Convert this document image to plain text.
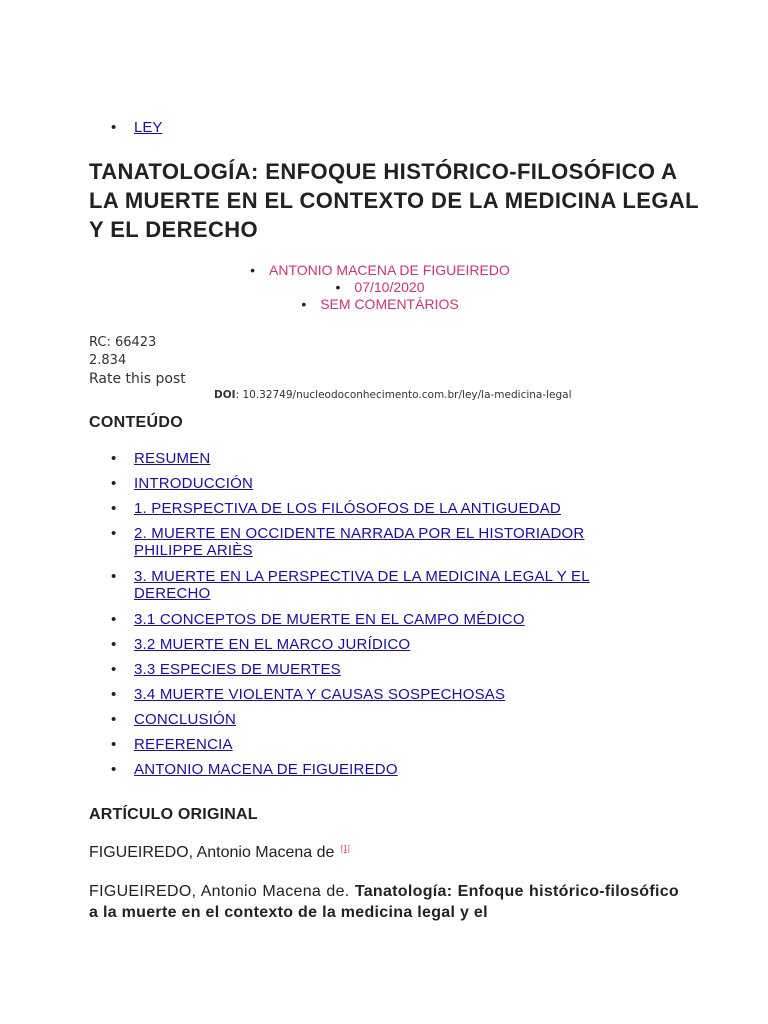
• LEY
TANATOLOGÍA: ENFOQUE HISTÓRICO-FILOSÓFICO A LA MUERTE EN EL CONTEXTO DE LA MEDICINA LEGAL Y EL DERECHO
• ANTONIO MACENA DE FIGUEIREDO
• 07/10/2020
• SEM COMENTÁRIOS
RC: 66423
2.834
Rate this post
DOI: 10.32749/nucleodoconhecimento.com.br/ley/la-medicina-legal
CONTEÚDO
• RESUMEN
• INTRODUCCIÓN
• 1. PERSPECTIVA DE LOS FILÓSOFOS DE LA ANTIGUEDAD
• 2. MUERTE EN OCCIDENTE NARRADA POR EL HISTORIADOR PHILIPPE ARIÈS
• 3. MUERTE EN LA PERSPECTIVA DE LA MEDICINA LEGAL Y EL DERECHO
• 3.1 CONCEPTOS DE MUERTE EN EL CAMPO MÉDICO
• 3.2 MUERTE EN EL MARCO JURÍDICO
• 3.3 ESPECIES DE MUERTES
• 3.4 MUERTE VIOLENTA Y CAUSAS SOSPECHOSAS
• CONCLUSIÓN
• REFERENCIA
• ANTONIO MACENA DE FIGUEIREDO
ARTÍCULO ORIGINAL
FIGUEIREDO, Antonio Macena de [1]

FIGUEIREDO, Antonio Macena de. Tanatología: Enfoque histórico-filosófico a la muerte en el contexto de la medicina legal y el
